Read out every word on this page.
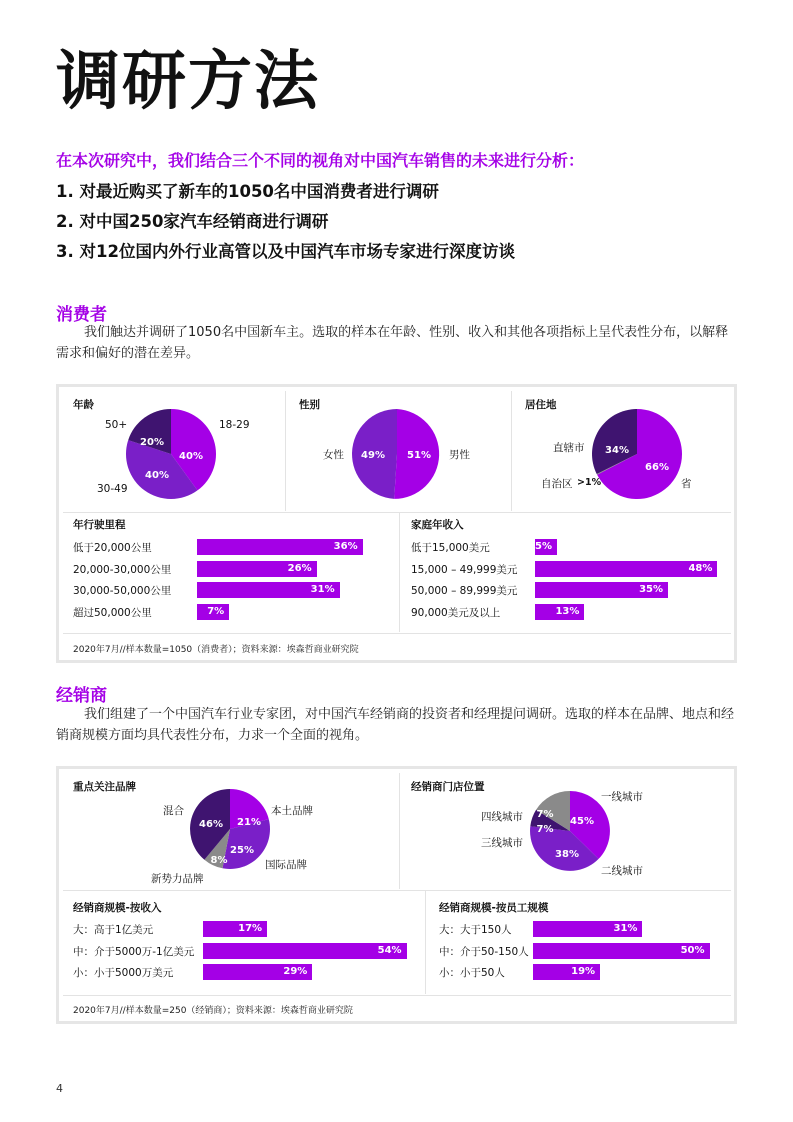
调研方法
在本次研究中，我们结合三个不同的视角对中国汽车销售的未来进行分析：
1. 对最近购买了新车的1050名中国消费者进行调研
2. 对中国250家汽车经销商进行调研
3. 对12位国内外行业高管以及中国汽车市场专家进行深度访谈
消费者
我们触达并调研了1050名中国新车主。选取的样本在年龄、性别、收入和其他各项指标上呈代表性分布，以解释需求和偏好的潜在差异。
年龄
20%
40%
40%
50+	18-29
30-49
性别
49% 51%
女性	男性
居住地
34%
66%
直辖市
自治区 >1%	省
年行驶里程
低于20,000公里	36%
20,000-30,000公里	26%
30,000-50,000公里	31%
超过50,000公里	7%
家庭年收入
低于15,000美元	5%
15,000 – 49,999美元	48%
50,000 – 89,999美元	35%
90,000美元及以上	13%
2020年7月//样本数量=1050（消费者）；资料来源：埃森哲商业研究院
经销商
我们组建了一个中国汽车行业专家团，对中国汽车经销商的投资者和经理提问调研。选取的样本在品牌、地点和经销商规模方面均具代表性分布，力求一个全面的视角。
重点关注品牌
46% 21%
25%
8%
混合	本土品牌
国际品牌
新势力品牌
经销商门店位置
45%
7%
7%
38%
一线城市
四线城市
三线城市
二线城市
经销商规模-按收入
大：高于1亿美元	17%
中：介于5000万-1亿美元	54%
小：小于5000万美元	29%
经销商规模-按员工规模
大：大于150人	31%
中：介于50-150人	50%
小：小于50人	19%
2020年7月//样本数量=250（经销商）；资料来源：埃森哲商业研究院
4
